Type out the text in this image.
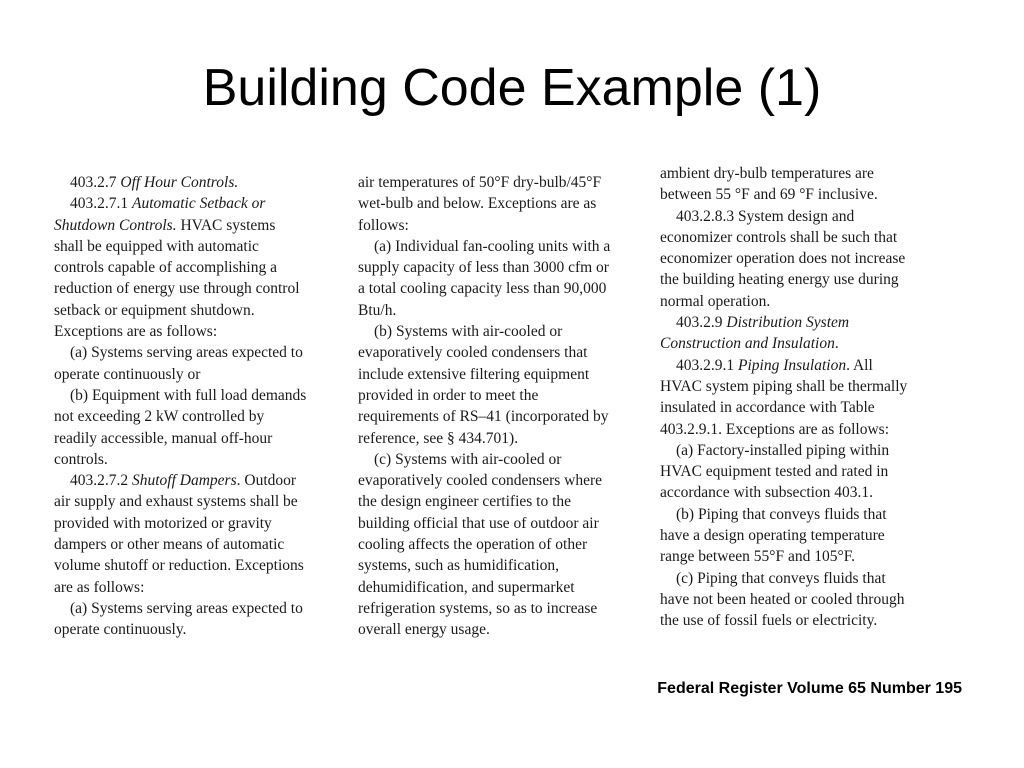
Building Code Example (1)
403.2.7 Off Hour Controls.
403.2.7.1 Automatic Setback or
Shutdown Controls. HVAC systems
shall be equipped with automatic
controls capable of accomplishing a
reduction of energy use through control
setback or equipment shutdown.
Exceptions are as follows:
(a) Systems serving areas expected to
operate continuously or
(b) Equipment with full load demands
not exceeding 2 kW controlled by
readily accessible, manual off-hour
controls.
403.2.7.2 Shutoff Dampers. Outdoor
air supply and exhaust systems shall be
provided with motorized or gravity
dampers or other means of automatic
volume shutoff or reduction. Exceptions
are as follows:
(a) Systems serving areas expected to
operate continuously.
air temperatures of 50°F dry-bulb/45°F
wet-bulb and below. Exceptions are as
follows:
(a) Individual fan-cooling units with a
supply capacity of less than 3000 cfm or
a total cooling capacity less than 90,000
Btu/h.
(b) Systems with air-cooled or
evaporatively cooled condensers that
include extensive filtering equipment
provided in order to meet the
requirements of RS–41 (incorporated by
reference, see § 434.701).
(c) Systems with air-cooled or
evaporatively cooled condensers where
the design engineer certifies to the
building official that use of outdoor air
cooling affects the operation of other
systems, such as humidification,
dehumidification, and supermarket
refrigeration systems, so as to increase
overall energy usage.
ambient dry-bulb temperatures are
between 55 °F and 69 °F inclusive.
403.2.8.3 System design and
economizer controls shall be such that
economizer operation does not increase
the building heating energy use during
normal operation.
403.2.9 Distribution System
Construction and Insulation.
403.2.9.1 Piping Insulation. All
HVAC system piping shall be thermally
insulated in accordance with Table
403.2.9.1. Exceptions are as follows:
(a) Factory-installed piping within
HVAC equipment tested and rated in
accordance with subsection 403.1.
(b) Piping that conveys fluids that
have a design operating temperature
range between 55°F and 105°F.
(c) Piping that conveys fluids that
have not been heated or cooled through
the use of fossil fuels or electricity.
Federal Register Volume 65 Number 195
